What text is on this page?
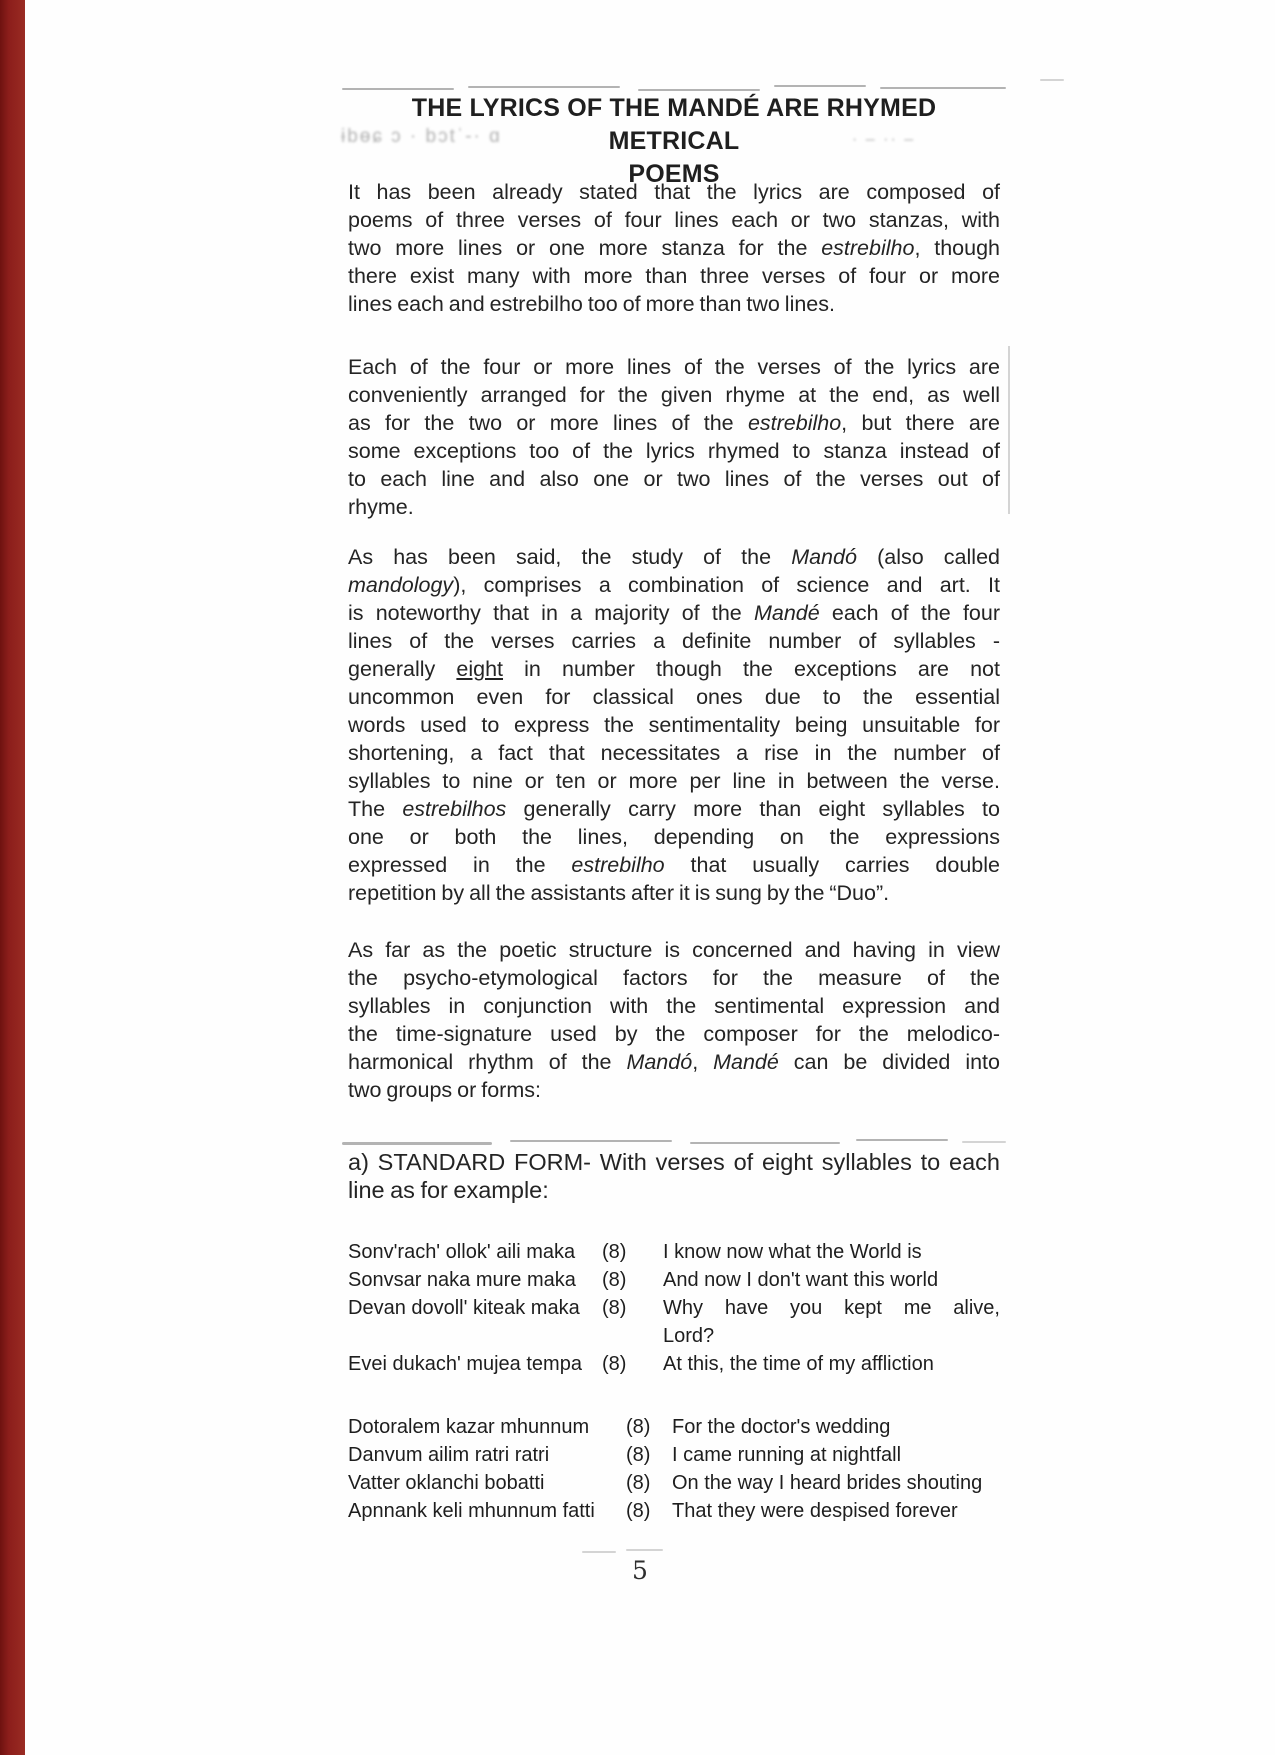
THE LYRICS OF THE MANDÉ ARE RHYMED METRICAL
POEMS
ɨbɵɕ ɔ · bɔtˈ-· ɑ	· – ·· –
It has been already stated that the lyrics are composed of
poems of three verses of four lines each or two stanzas, with
two more lines or one more stanza for the estrebilho, though
there exist many with more than three verses of four or more
lines each and estrebilho too of more than two lines.
Each of the four or more lines of the verses of the lyrics are
conveniently arranged for the given rhyme at the end, as well
as for the two or more lines of the estrebilho, but there are
some exceptions too of the lyrics rhymed to stanza instead of
to each line and also one or two lines of the verses out of
rhyme.
As has been said, the study of the Mandó (also called
mandology), comprises a combination of science and art. It
is noteworthy that in a majority of the Mandé each of the four
lines of the verses carries a definite number of syllables -
generally eight in number though the exceptions are not
uncommon even for classical ones due to the essential
words used to express the sentimentality being unsuitable for
shortening, a fact that necessitates a rise in the number of
syllables to nine or ten or more per line in between the verse.
The estrebilhos generally carry more than eight syllables to
one or both the lines, depending on the expressions
expressed in the estrebilho that usually carries double
repetition by all the assistants after it is sung by the “Duo”.
As far as the poetic structure is concerned and having in view
the psycho-etymological factors for the measure of the
syllables in conjunction with the sentimental expression and
the time-signature used by the composer for the melodico-
harmonical rhythm of the Mandó, Mandé can be divided into
two groups or forms:
a) STANDARD FORM- With verses of eight syllables to each
line as for example:
Sonv'rach' ollok' aili maka	(8)	I know now what the World is
Sonvsar naka mure maka	(8)	And now I don't want this world
Devan dovoll' kiteak maka	(8)	Why have you kept me alive,
Lord?
Evei dukach' mujea tempa	(8)	At this, the time of my affliction
Dotoralem kazar mhunnum	(8)	For the doctor's wedding
Danvum ailim ratri ratri	(8)	I came running at nightfall
Vatter oklanchi bobatti	(8)	On the way I heard brides shouting
Apnnank keli mhunnum fatti	(8)	That they were despised forever
5
